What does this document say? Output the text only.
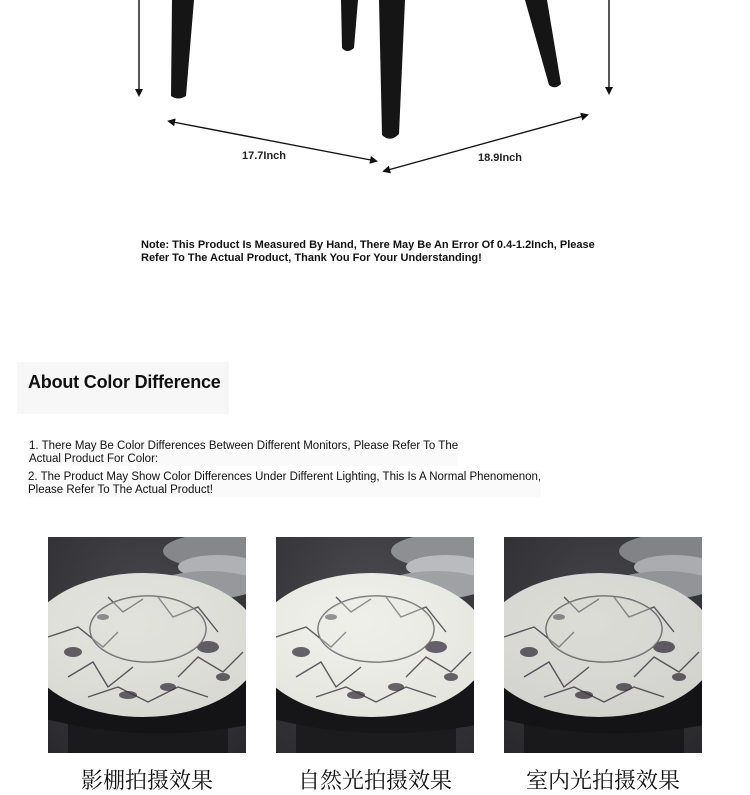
17.7Inch	18.9Inch
Note: This Product Is Measured By Hand, There May Be An Error Of 0.4-1.2Inch, Please
Refer To The Actual Product, Thank You For Your Understanding!
About Color Difference
1. There May Be Color Differences Between Different Monitors, Please Refer To The
Actual Product For Color:
2. The Product May Show Color Differences Under Different Lighting, This Is A Normal Phenomenon,
Please Refer To The Actual Product!
影棚拍摄效果	自然光拍摄效果	室内光拍摄效果
